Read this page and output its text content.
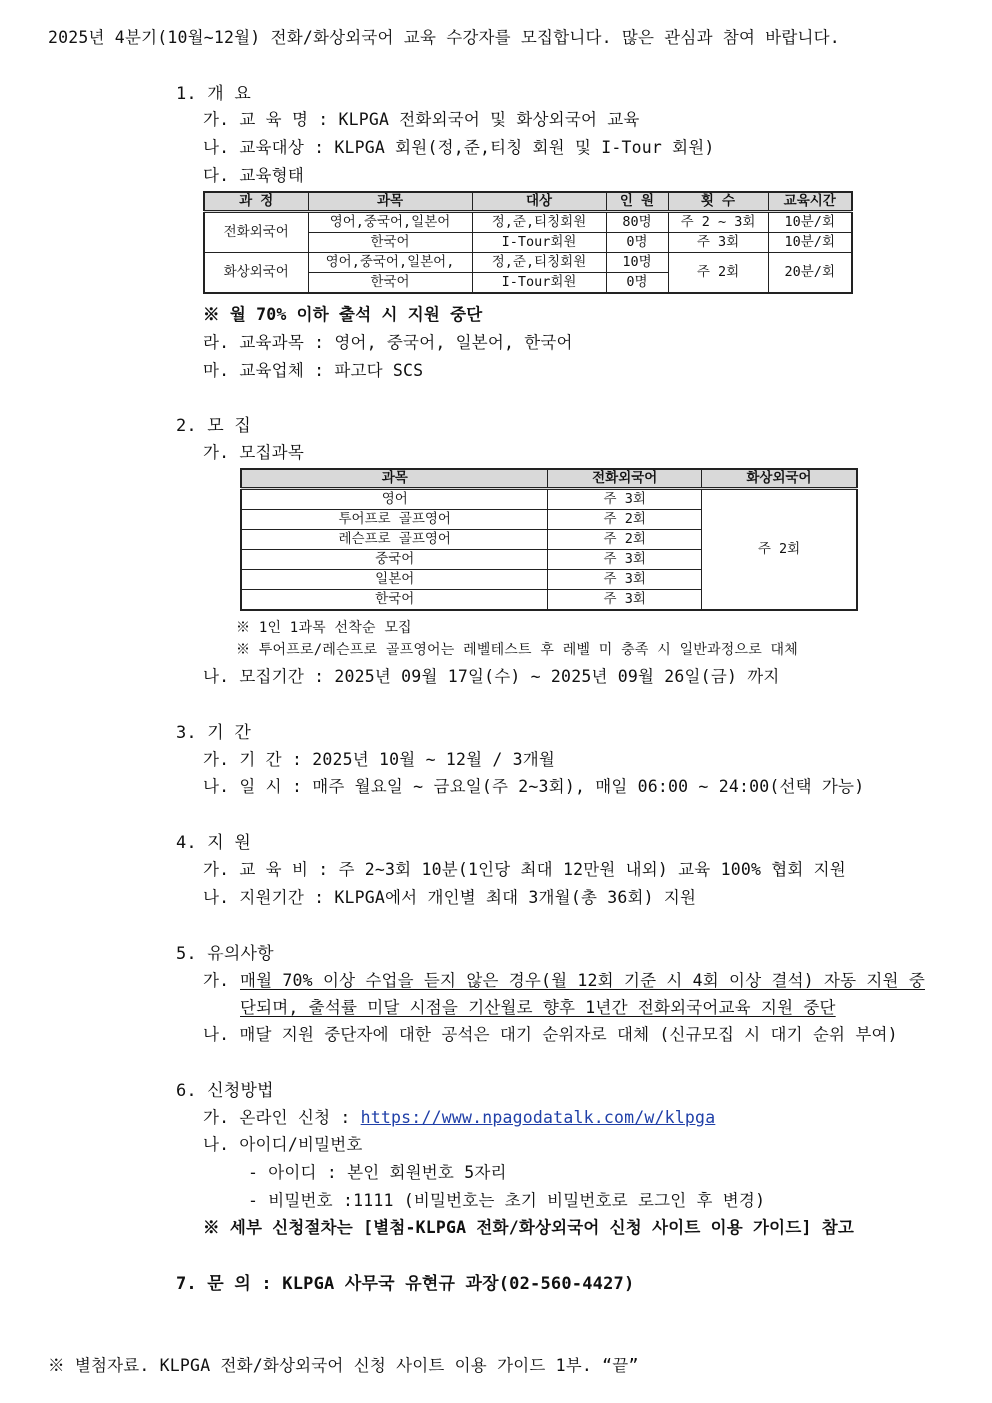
2025년 4분기(10월~12월) 전화/화상외국어 교육 수강자를 모집합니다. 많은 관심과 참여 바랍니다.
1. 개 요
가. 교 육 명 : KLPGA 전화외국어 및 화상외국어 교육
나. 교육대상 : KLPGA 회원(정,준,티칭 회원 및 I-Tour 회원)
다. 교육형태
과 정	과목	대상	인 원	횟 수	교육시간
전화외국어	영어,중국어,일본어	정,준,티칭회원	80명	주 2 ~ 3회	10분/회
	한국어	I-Tour회원	0명	주 3회	10분/회
화상외국어	영어,중국어,일본어,	정,준,티칭회원	10명	주 2회	20분/회
	한국어	I-Tour회원	0명		
※ 월 70% 이하 출석 시 지원 중단
라. 교육과목 : 영어, 중국어, 일본어, 한국어
마. 교육업체 : 파고다 SCS
2. 모 집
가. 모집과목
과목	전화외국어	화상외국어
영어	주 3회	주 2회
투어프로 골프영어	주 2회	
레슨프로 골프영어	주 2회	
중국어	주 3회	
일본어	주 3회	
한국어	주 3회	
※ 1인 1과목 선착순 모집
※ 투어프로/레슨프로 골프영어는 레벨테스트 후 레벨 미 충족 시 일반과정으로 대체
나. 모집기간 : 2025년 09월 17일(수) ~ 2025년 09월 26일(금) 까지
3. 기 간
가. 기 간 : 2025년 10월 ~ 12월 / 3개월
나. 일 시 : 매주 월요일 ~ 금요일(주 2~3회), 매일 06:00 ~ 24:00(선택 가능)
4. 지 원
가. 교 육 비 : 주 2~3회 10분(1인당 최대 12만원 내외) 교육 100% 협회 지원
나. 지원기간 : KLPGA에서 개인별 최대 3개월(총 36회) 지원
5. 유의사항
가. 매월 70% 이상 수업을 듣지 않은 경우(월 12회 기준 시 4회 이상 결석) 자동 지원 중
단되며, 출석률 미달 시점을 기산월로 향후 1년간 전화외국어교육 지원 중단
나. 매달 지원 중단자에 대한 공석은 대기 순위자로 대체 (신규모집 시 대기 순위 부여)
6. 신청방법
가. 온라인 신청 : https://www.npagodatalk.com/w/klpga
나. 아이디/비밀번호
- 아이디 : 본인 회원번호 5자리
- 비밀번호 :1111 (비밀번호는 초기 비밀번호로 로그인 후 변경)
※ 세부 신청절차는 [별첨-KLPGA 전화/화상외국어 신청 사이트 이용 가이드] 참고
7. 문 의 : KLPGA 사무국 유현규 과장(02-560-4427)
※ 별첨자료. KLPGA 전화/화상외국어 신청 사이트 이용 가이드 1부. “끝”
